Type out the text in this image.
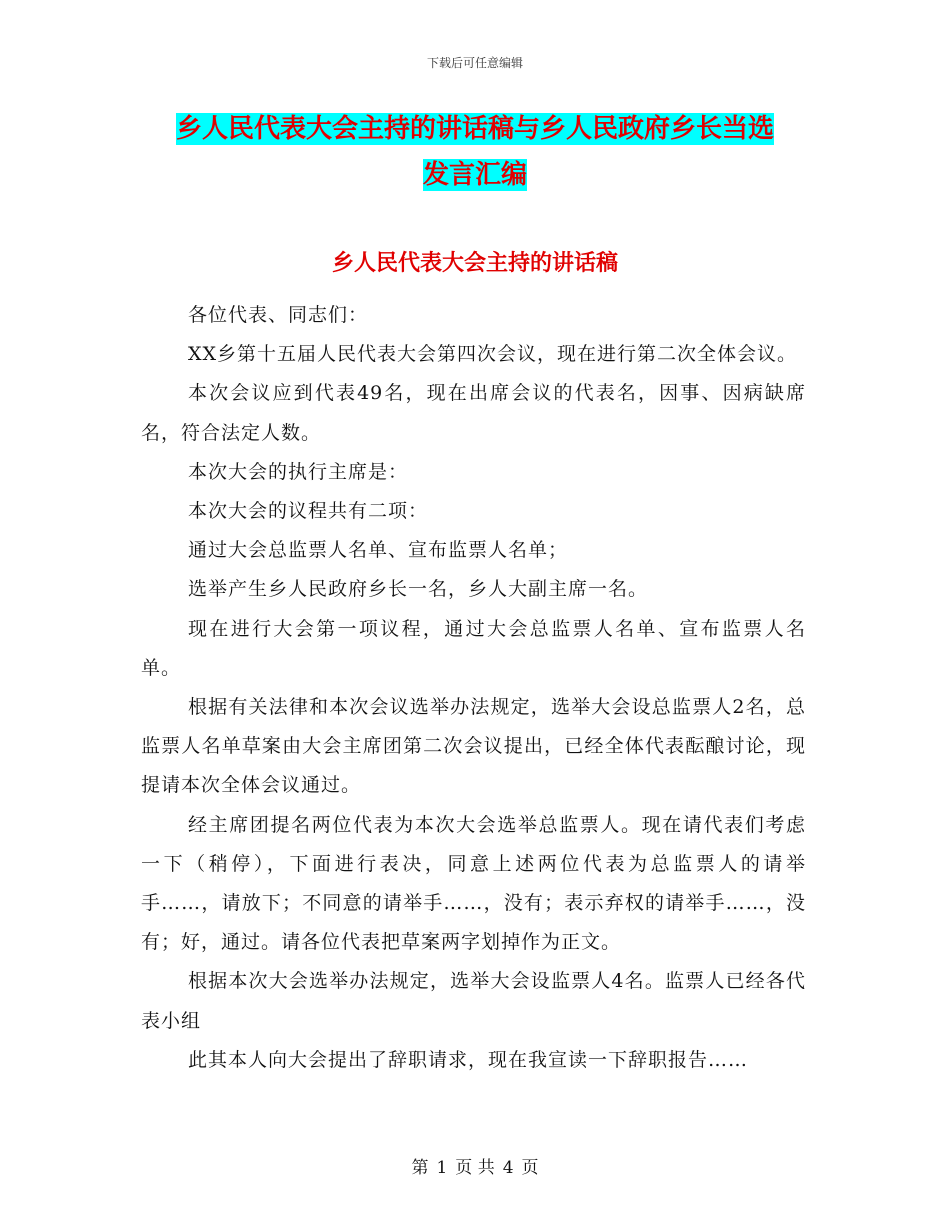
下载后可任意编辑
乡人民代表大会主持的讲话稿与乡人民政府乡长当选
发言汇编
乡人民代表大会主持的讲话稿

各位代表、同志们：

XX乡第十五届人民代表大会第四次会议，现在进行第二次全体会议。

本次会议应到代表49名，现在出席会议的代表名，因事、因病缺席名，符合法定人数。

本次大会的执行主席是：

本次大会的议程共有二项：

通过大会总监票人名单、宣布监票人名单；

选举产生乡人民政府乡长一名，乡人大副主席一名。

现在进行大会第一项议程，通过大会总监票人名单、宣布监票人名单。

根据有关法律和本次会议选举办法规定，选举大会设总监票人2名，总监票人名单草案由大会主席团第二次会议提出，已经全体代表酝酿讨论，现提请本次全体会议通过。

经主席团提名两位代表为本次大会选举总监票人。现在请代表们考虑一下（稍停），下面进行表决，同意上述两位代表为总监票人的请举手……，请放下；不同意的请举手……，没有；表示弃权的请举手……，没有；好，通过。请各位代表把草案两字划掉作为正文。

根据本次大会选举办法规定，选举大会设监票人4名。监票人已经各代表小组

此其本人向大会提出了辞职请求，现在我宣读一下辞职报告……

第 1 页 共 4 页
